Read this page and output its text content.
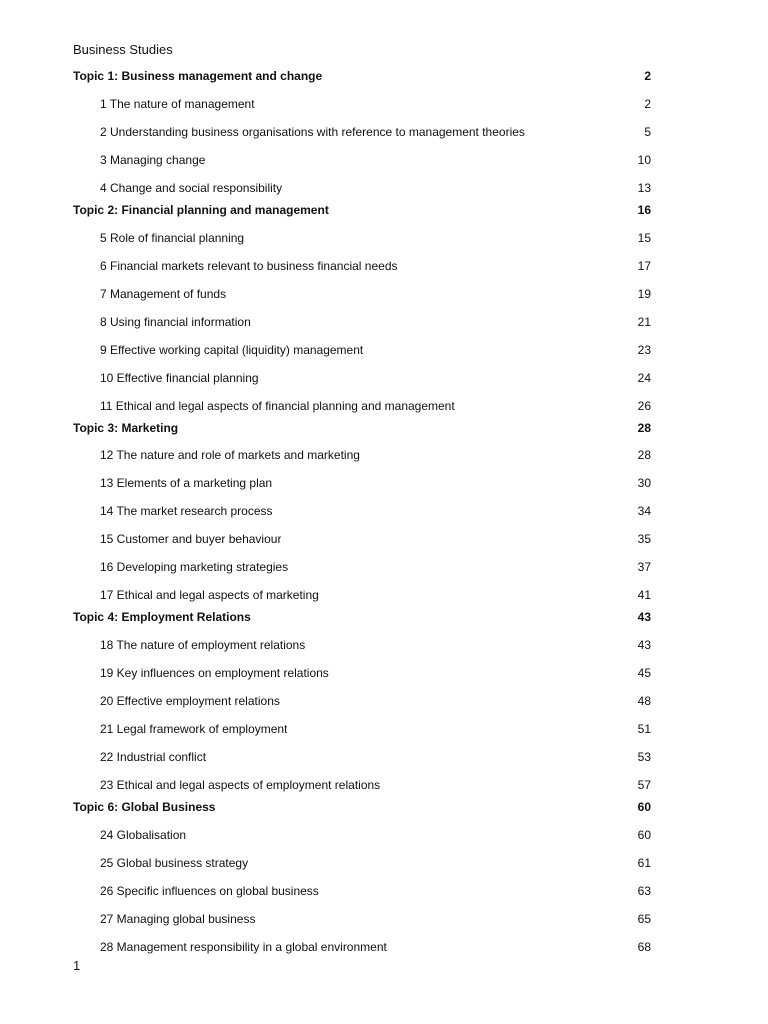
Business Studies
Topic 1: Business management and change	2
1 The nature of management	2
2 Understanding business organisations with reference to management theories	5
3 Managing change	10
4 Change and social responsibility	13
Topic 2: Financial planning and management	16
5 Role of financial planning	15
6 Financial markets relevant to business financial needs	17
7 Management of funds	19
8 Using financial information	21
9 Effective working capital (liquidity) management	23
10 Effective financial planning	24
11 Ethical and legal aspects of financial planning and management	26
Topic 3: Marketing	28
12 The nature and role of markets and marketing	28
13 Elements of a marketing plan	30
14 The market research process	34
15 Customer and buyer behaviour	35
16 Developing marketing strategies	37
17 Ethical and legal aspects of marketing	41
Topic 4: Employment Relations	43
18 The nature of employment relations	43
19 Key influences on employment relations	45
20 Effective employment relations	48
21 Legal framework of employment	51
22 Industrial conflict	53
23 Ethical and legal aspects of employment relations	57
Topic 6: Global Business	60
24 Globalisation	60
25 Global business strategy	61
26 Specific influences on global business	63
27 Managing global business	65
28 Management responsibility in a global environment	68
1
